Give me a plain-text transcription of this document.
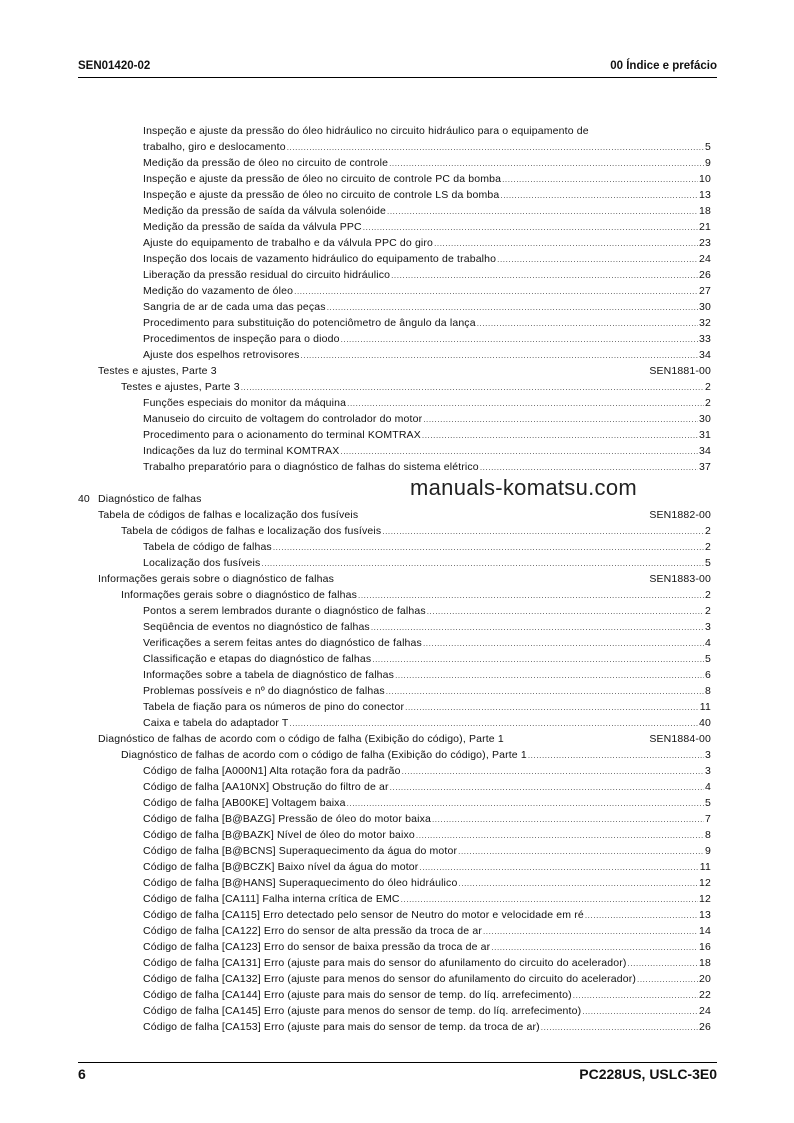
SEN01420-02	00 Índice e prefácio
Inspeção e ajuste da pressão do óleo hidráulico no circuito hidráulico para o equipamento de
trabalho, giro e deslocamento .....	5
Medição da pressão de óleo no circuito de controle .....	9
Inspeção e ajuste da pressão de óleo no circuito de controle PC da bomba .....	10
Inspeção e ajuste da pressão de óleo no circuito de controle LS da bomba .....	13
Medição da pressão de saída da válvula solenóide .....	18
Medição da pressão de saída da válvula PPC .....	21
Ajuste do equipamento de trabalho e da válvula PPC do giro .....	23
Inspeção dos locais de vazamento hidráulico do equipamento de trabalho .....	24
Liberação da pressão residual do circuito hidráulico .....	26
Medição do vazamento de óleo .....	27
Sangria de ar de cada uma das peças .....	30
Procedimento para substituição do potenciômetro de ângulo da lança .....	32
Procedimentos de inspeção para o diodo .....	33
Ajuste dos espelhos retrovisores .....	34
Testes e ajustes, Parte 3	SEN1881-00
Testes e ajustes, Parte 3 .....	2
Funções especiais do monitor da máquina .....	2
Manuseio do circuito de voltagem do controlador do motor .....	30
Procedimento para o acionamento do terminal KOMTRAX .....	31
Indicações da luz do terminal KOMTRAX .....	34
Trabalho preparatório para o diagnóstico de falhas do sistema elétrico .....	37
40 Diagnóstico de falhas
Tabela de códigos de falhas e localização dos fusíveis	SEN1882-00
Tabela de códigos de falhas e localização dos fusíveis .....	2
Tabela de código de falhas .....	2
Localização dos fusíveis .....	5
Informações gerais sobre o diagnóstico de falhas	SEN1883-00
Informações gerais sobre o diagnóstico de falhas .....	2
Pontos a serem lembrados durante o diagnóstico de falhas .....	2
Seqüência de eventos no diagnóstico de falhas .....	3
Verificações a serem feitas antes do diagnóstico de falhas .....	4
Classificação e etapas do diagnóstico de falhas .....	5
Informações sobre a tabela de diagnóstico de falhas .....	6
Problemas possíveis e nº do diagnóstico de falhas .....	8
Tabela de fiação para os números de pino do conector .....	11
Caixa e tabela do adaptador T .....	40
Diagnóstico de falhas de acordo com o código de falha (Exibição do código), Parte 1	SEN1884-00
Diagnóstico de falhas de acordo com o código de falha (Exibição do código), Parte 1 .....	3
Código de falha [A000N1] Alta rotação fora da padrão .....	3
Código de falha [AA10NX] Obstrução do filtro de ar .....	4
Código de falha [AB00KE] Voltagem baixa .....	5
Código de falha [B@BAZG] Pressão de óleo do motor baixa .....	7
Código de falha [B@BAZK] Nível de óleo do motor baixo .....	8
Código de falha [B@BCNS] Superaquecimento da água do motor .....	9
Código de falha [B@BCZK] Baixo nível da água do motor .....	11
Código de falha [B@HANS] Superaquecimento do óleo hidráulico .....	12
Código de falha [CA111] Falha interna crítica de EMC .....	12
Código de falha [CA115] Erro detectado pelo sensor de Neutro do motor e velocidade em ré .....	13
Código de falha [CA122] Erro do sensor de alta pressão da troca de ar .....	14
Código de falha [CA123] Erro do sensor de baixa pressão da troca de ar .....	16
Código de falha [CA131] Erro (ajuste para mais do sensor do afunilamento do circuito do acelerador) .....	18
Código de falha [CA132] Erro (ajuste para menos do sensor do afunilamento do circuito do acelerador) .....	20
Código de falha [CA144] Erro (ajuste para mais do sensor de temp. do líq. arrefecimento) .....	22
Código de falha [CA145] Erro (ajuste para menos do sensor de temp. do líq. arrefecimento) .....	24
Código de falha [CA153] Erro (ajuste para mais do sensor de temp. da troca de ar) .....	26
manuals-komatsu.com
6	PC228US, USLC-3E0
